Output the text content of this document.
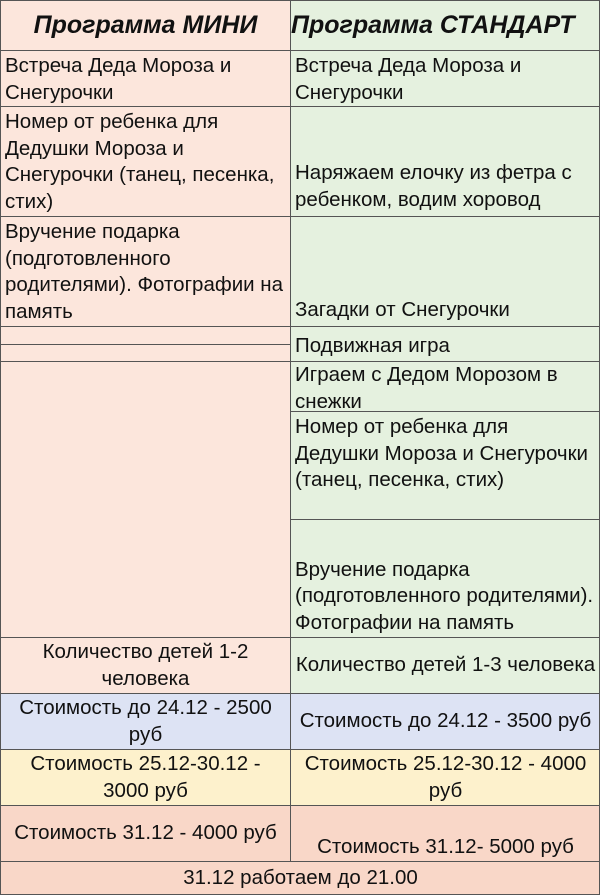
Программа МИНИ	Программа СТАНДАРТ
Встреча Деда Мороза и Снегурочки
Встреча Деда Мороза и Снегурочки
Номер от ребенка для Дедушки Мороза и Снегурочки (танец, песенка, стих)
Наряжаем елочку из фетра с ребенком, водим хоровод
Вручение подарка (подготовленного родителями). Фотографии на память	Загадки от Снегурочки
Подвижная игра
Играем с Дедом Морозом в снежки
Номер от ребенка для Дедушки Мороза и Снегурочки (танец, песенка, стих)
Вручение подарка (подготовленного родителями). Фотографии на память
Количество детей 1-2 человека
Количество детей 1-3 человека
Стоимость до 24.12 - 2500 руб
Стоимость до 24.12 - 3500 руб
Стоимость 25.12-30.12 - 3000 руб
Стоимость 25.12-30.12 - 4000 руб
Стоимость 31.12 - 4000 руб
Стоимость 31.12- 5000 руб
31.12 работаем до 21.00
